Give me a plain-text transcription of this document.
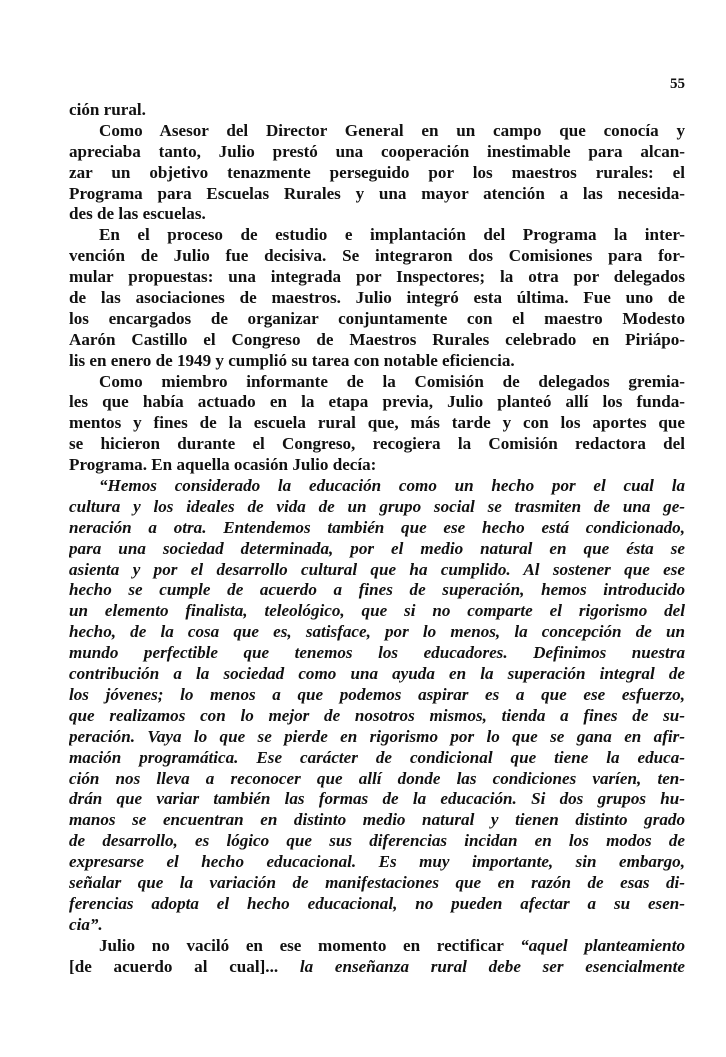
55
ción rural.
Como Asesor del Director General en un campo que conocía y
apreciaba tanto, Julio prestó una cooperación inestimable para alcan-
zar un objetivo tenazmente perseguido por los maestros rurales: el
Programa para Escuelas Rurales y una mayor atención a las necesida-
des de las escuelas.
En el proceso de estudio e implantación del Programa la inter-
vención de Julio fue decisiva. Se integraron dos Comisiones para for-
mular propuestas: una integrada por Inspectores; la otra por delegados
de las asociaciones de maestros. Julio integró esta última. Fue uno de
los encargados de organizar conjuntamente con el maestro Modesto
Aarón Castillo el Congreso de Maestros Rurales celebrado en Piriápo-
lis en enero de 1949 y cumplió su tarea con notable eficiencia.
Como miembro informante de la Comisión de delegados gremia-
les que había actuado en la etapa previa, Julio planteó allí los funda-
mentos y fines de la escuela rural que, más tarde y con los aportes que
se hicieron durante el Congreso, recogiera la Comisión redactora del
Programa. En aquella ocasión Julio decía:
“Hemos considerado la educación como un hecho por el cual la
cultura y los ideales de vida de un grupo social se trasmiten de una ge-
neración a otra. Entendemos también que ese hecho está condicionado,
para una sociedad determinada, por el medio natural en que ésta se
asienta y por el desarrollo cultural que ha cumplido. Al sostener que ese
hecho se cumple de acuerdo a fines de superación, hemos introducido
un elemento finalista, teleológico, que si no comparte el rigorismo del
hecho, de la cosa que es, satisface, por lo menos, la concepción de un
mundo perfectible que tenemos los educadores. Definimos nuestra
contribución a la sociedad como una ayuda en la superación integral de
los jóvenes; lo menos a que podemos aspirar es a que ese esfuerzo,
que realizamos con lo mejor de nosotros mismos, tienda a fines de su-
peración. Vaya lo que se pierde en rigorismo por lo que se gana en afir-
mación programática. Ese carácter de condicional que tiene la educa-
ción nos lleva a reconocer que allí donde las condiciones varíen, ten-
drán que variar también las formas de la educación. Si dos grupos hu-
manos se encuentran en distinto medio natural y tienen distinto grado
de desarrollo, es lógico que sus diferencias incidan en los modos de
expresarse el hecho educacional. Es muy importante, sin embargo,
señalar que la variación de manifestaciones que en razón de esas di-
ferencias adopta el hecho educacional, no pueden afectar a su esen-
cia”.
Julio no vaciló en ese momento en rectificar “aquel planteamiento
[de acuerdo al cual]... la enseñanza rural debe ser esencialmente
